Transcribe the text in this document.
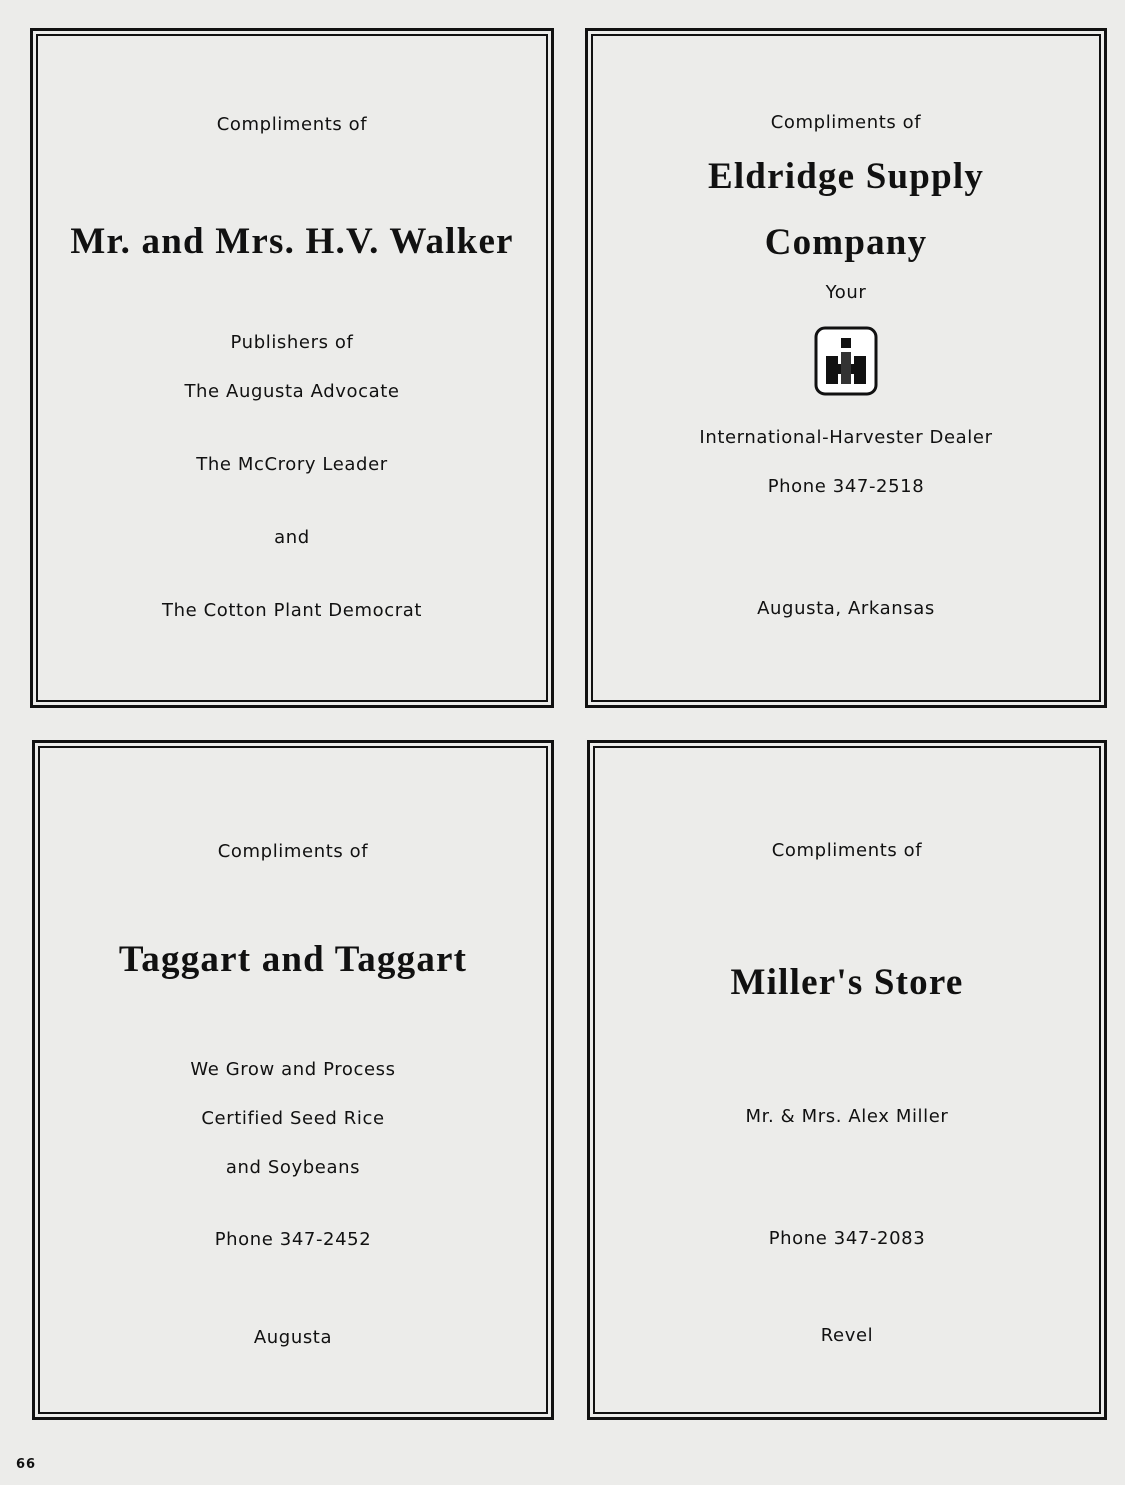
Compliments of
Mr. and Mrs. H.V. Walker
Publishers of
The Augusta Advocate
The McCrory Leader
and
The Cotton Plant Democrat
Compliments of
Eldridge Supply
Company
Your
International-Harvester Dealer
Phone 347-2518
Augusta, Arkansas
Compliments of
Taggart and Taggart
We Grow and Process
Certified Seed Rice
and Soybeans
Phone 347-2452
Augusta
Compliments of
Miller's Store
Mr. & Mrs. Alex Miller
Phone 347-2083
Revel
66
